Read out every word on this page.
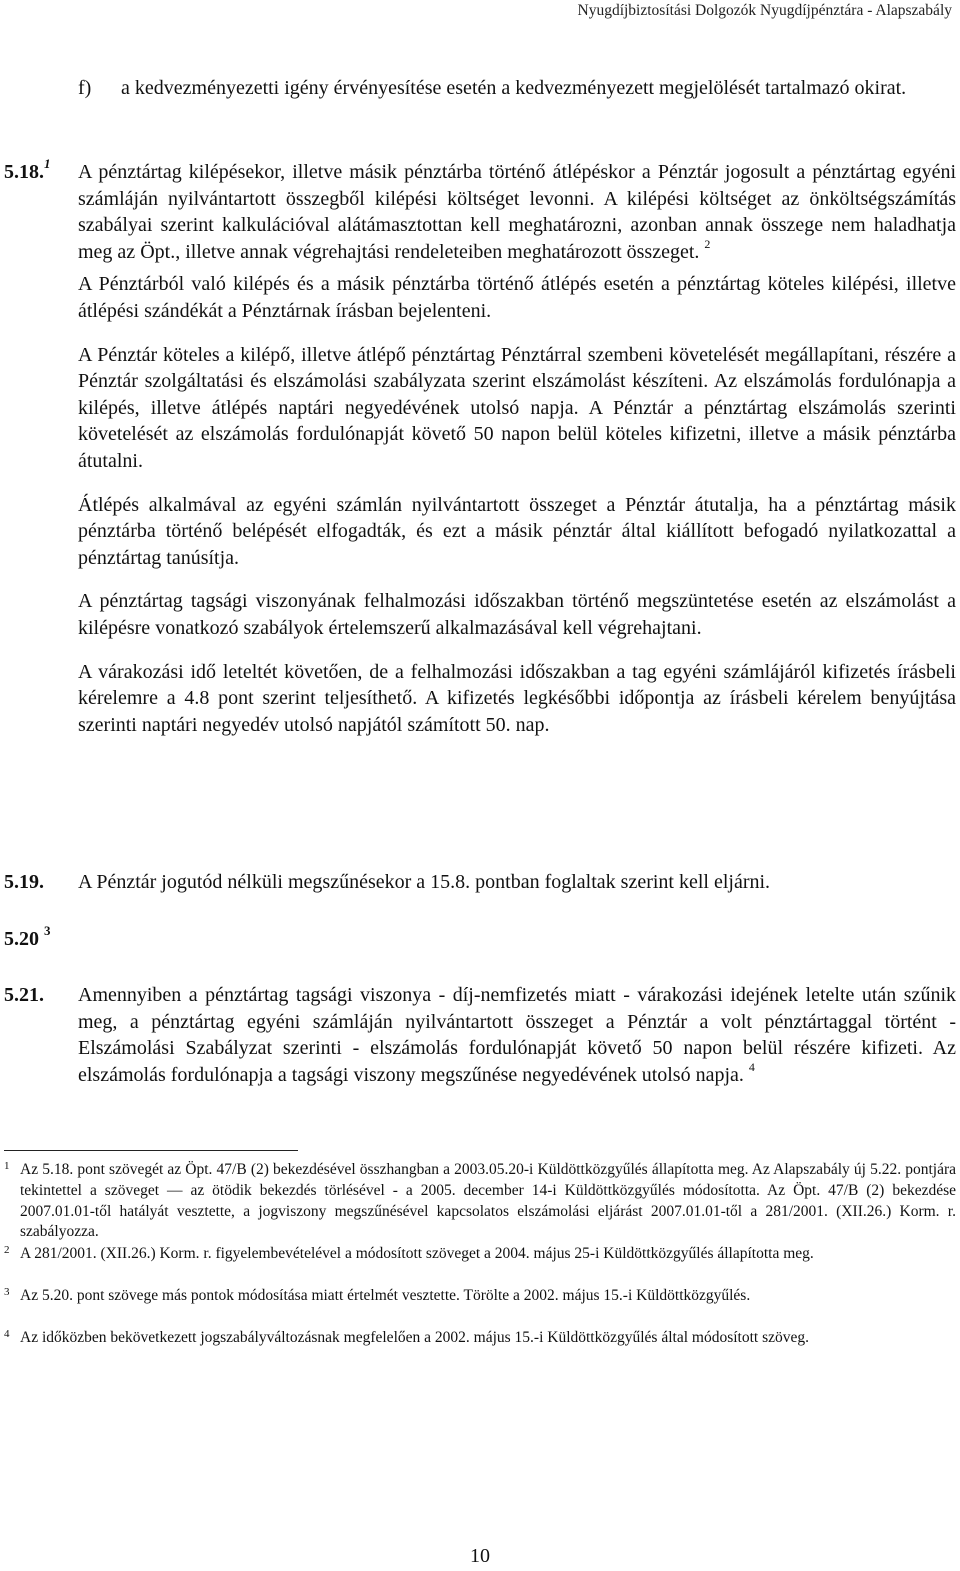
Nyugdíjbiztosítási Dolgozók Nyugdíjpénztára - Alapszabály
f) a kedvezményezetti igény érvényesítése esetén a kedvezményezett megjelölését tartalmazó okirat.

5.18.$^1$ A pénztártag kilépésekor, illetve másik pénztárba történő átlépéskor a Pénztár jogosult a pénztártag egyéni számláján nyilvántartott összegből kilépési költséget levonni. A kilépési költséget az önköltségszámítás szabályai szerint kalkulációval alátámasztottan kell meghatározni, azonban annak összege nem haladhatja meg az Öpt., illetve annak végrehajtási rendeleteiben meghatározott összeget. $^2$

A Pénztárból való kilépés és a másik pénztárba történő átlépés esetén a pénztártag köteles kilépési, illetve átlépési szándékát a Pénztárnak írásban bejelenteni.

A Pénztár köteles a kilépő, illetve átlépő pénztártag Pénztárral szembeni követelését megállapítani, részére a Pénztár szolgáltatási és elszámolási szabályzata szerint elszámolást készíteni. Az elszámolás fordulónapja a kilépés, illetve átlépés naptári negyedévének utolsó napja. A Pénztár a pénztártag elszámolás szerinti követelését az elszámolás fordulónapját követő 50 napon belül köteles kifizetni, illetve a másik pénztárba átutalni.

Átlépés alkalmával az egyéni számlán nyilvántartott összeget a Pénztár átutalja, ha a pénztártag másik pénztárba történő belépését elfogadták, és ezt a másik pénztár által kiállított befogadó nyilatkozattal a pénztártag tanúsítja.

A pénztártag tagsági viszonyának felhalmozási időszakban történő megszüntetése esetén az elszámolást a kilépésre vonatkozó szabályok értelemszerű alkalmazásával kell végrehajtani.

A várakozási idő leteltét követően, de a felhalmozási időszakban a tag egyéni számlájáról kifizetés írásbeli kérelemre a 4.8 pont szerint teljesíthető. A kifizetés legkésőbbi időpontja az írásbeli kérelem benyújtása szerinti naptári negyedév utolsó napjától számított 50. nap.

5.19. A Pénztár jogutód nélküli megszűnésekor a 15.8. pontban foglaltak szerint kell eljárni.

5.20 $^3$
5.21. Amennyiben a pénztártag tagsági viszonya - díj-nemfizetés miatt - várakozási idejének letelte után szűnik meg, a pénztártag egyéni számláján nyilvántartott összeget a Pénztár a volt pénztártaggal történt - Elszámolási Szabályzat szerinti - elszámolás fordulónapját követő 50 napon belül részére kifizeti. Az elszámolás fordulónapja a tagsági viszony megszűnése negyedévének utolsó napja. $^4$

1 Az 5.18. pont szövegét az Öpt. 47/B (2) bekezdésével összhangban a 2003.05.20-i Küldöttközgyűlés állapította meg. Az Alapszabály új 5.22. pontjára tekintettel a szöveget — az ötödik bekezdés törlésével - a 2005. december 14-i Küldöttközgyűlés módosította. Az Öpt. 47/B (2) bekezdése 2007.01.01-től hatályát vesztette, a jogviszony megszűnésével kapcsolatos elszámolási eljárást 2007.01.01-től a 281/2001. (XII.26.) Korm. r. szabályozza.
2 A 281/2001. (XII.26.) Korm. r. figyelembevételével a módosított szöveget a 2004. május 25-i Küldöttközgyűlés állapította meg.
3 Az 5.20. pont szövege más pontok módosítása miatt értelmét vesztette. Törölte a 2002. május 15.-i Küldöttközgyűlés.
4 Az időközben bekövetkezett jogszabályváltozásnak megfelelően a 2002. május 15.-i Küldöttközgyűlés által módosított szöveg.
10
